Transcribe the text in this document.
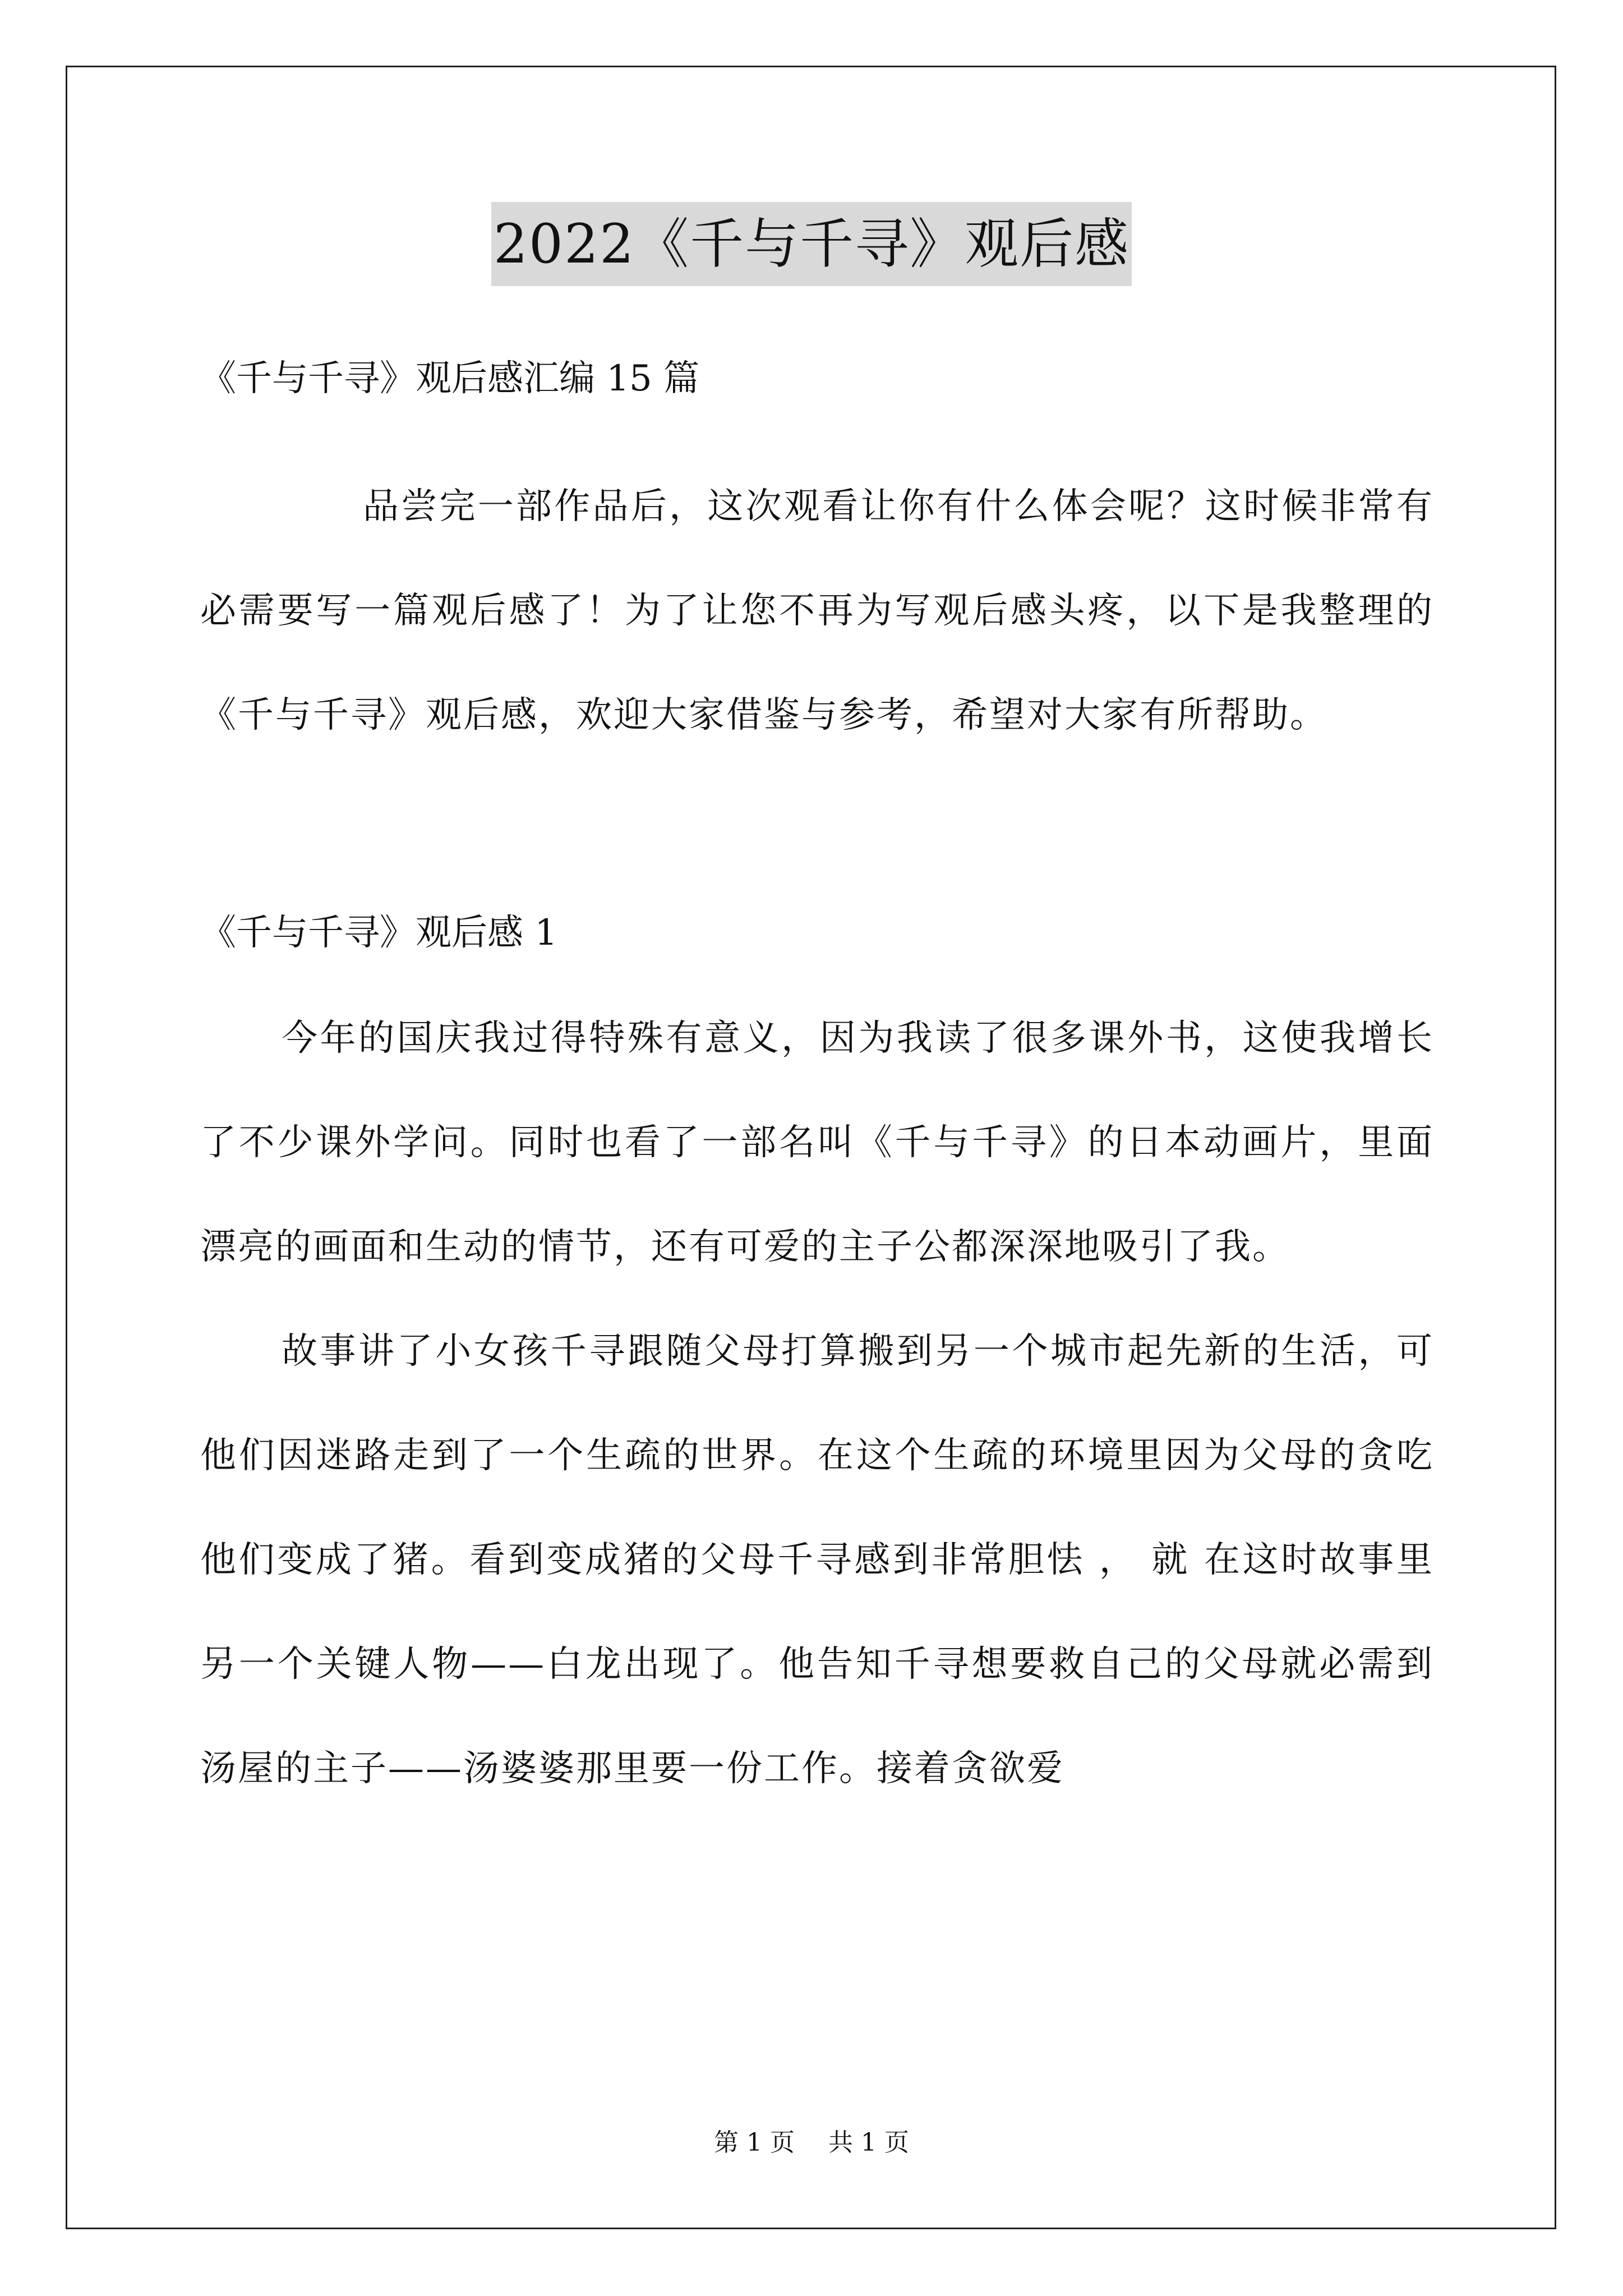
2022《千与千寻》观后感
《千与千寻》观后感汇编 15 篇

品尝完一部作品后，这次观看让你有什么体会呢？这时候非常有必需要写一篇观后感了！为了让您不再为写观后感头疼，以下是我整理的《千与千寻》观后感，欢迎大家借鉴与参考，希望对大家有所帮助。

《千与千寻》观后感 1

今年的国庆我过得特殊有意义，因为我读了很多课外书，这使我增长了不少课外学问。同时也看了一部名叫《千与千寻》的日本动画片，里面漂亮的画面和生动的情节，还有可爱的主子公都深深地吸引了我。

故事讲了小女孩千寻跟随父母打算搬到另一个城市起先新的生活，可他们因迷路走到了一个生疏的世界。在这个生疏的环境里因为父母的贪吃他们变成了猪。看到变成猪的父母千寻感到非常胆怯 ， 就 在这时故事里另一个关键人物——白龙出现了。他告知千寻想要救自己的父母就必需到汤屋的主子——汤婆婆那里要一份工作。接着贪欲爱

第 1 页 共 1 页
